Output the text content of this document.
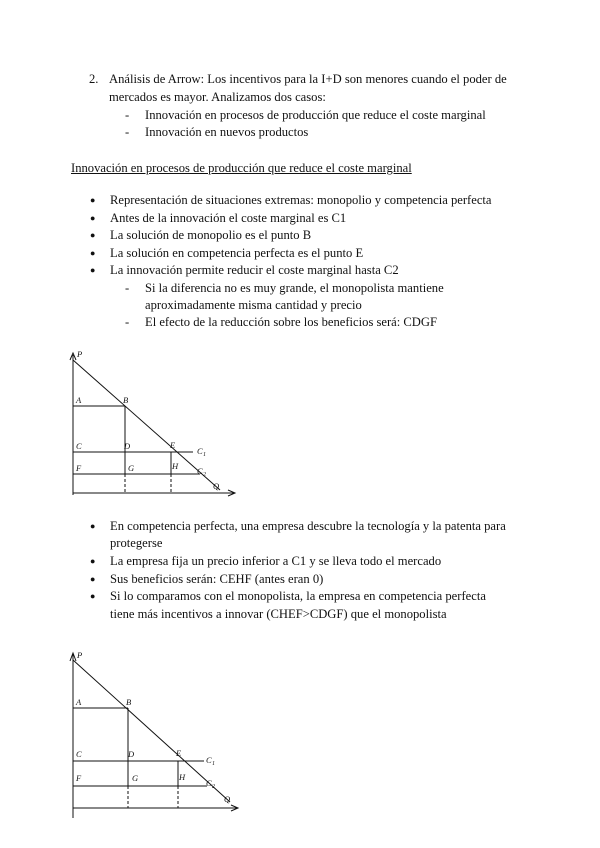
2. Análisis de Arrow: Los incentivos para la I+D son menores cuando el poder de
mercados es mayor. Analizamos dos casos:
- Innovación en procesos de producción que reduce el coste marginal
- Innovación en nuevos productos
Innovación en procesos de producción que reduce el coste marginal
● Representación de situaciones extremas: monopolio y competencia perfecta
● Antes de la innovación el coste marginal es C1
● La solución de monopolio es el punto B
● La solución en competencia perfecta es el punto E
● La innovación permite reducir el coste marginal hasta C2
- Si la diferencia no es muy grande, el monopolista mantiene
aproximadamente misma cantidad y precio
- El efecto de la reducción sobre los beneficios será: CDGF
P
A	B
C	D	E
F	G	H
C 1
C 2
Q
● En competencia perfecta, una empresa descubre la tecnología y la patenta para
protegerse
● La empresa fija un precio inferior a C1 y se lleva todo el mercado
● Sus beneficios serán: CEHF (antes eran 0)
● Si lo comparamos con el monopolista, la empresa en competencia perfecta
tiene más incentivos a innovar (CHEF>CDGF) que el monopolista
P
A	B
C	D	E
F	G	H
C 1
C 2
Q
